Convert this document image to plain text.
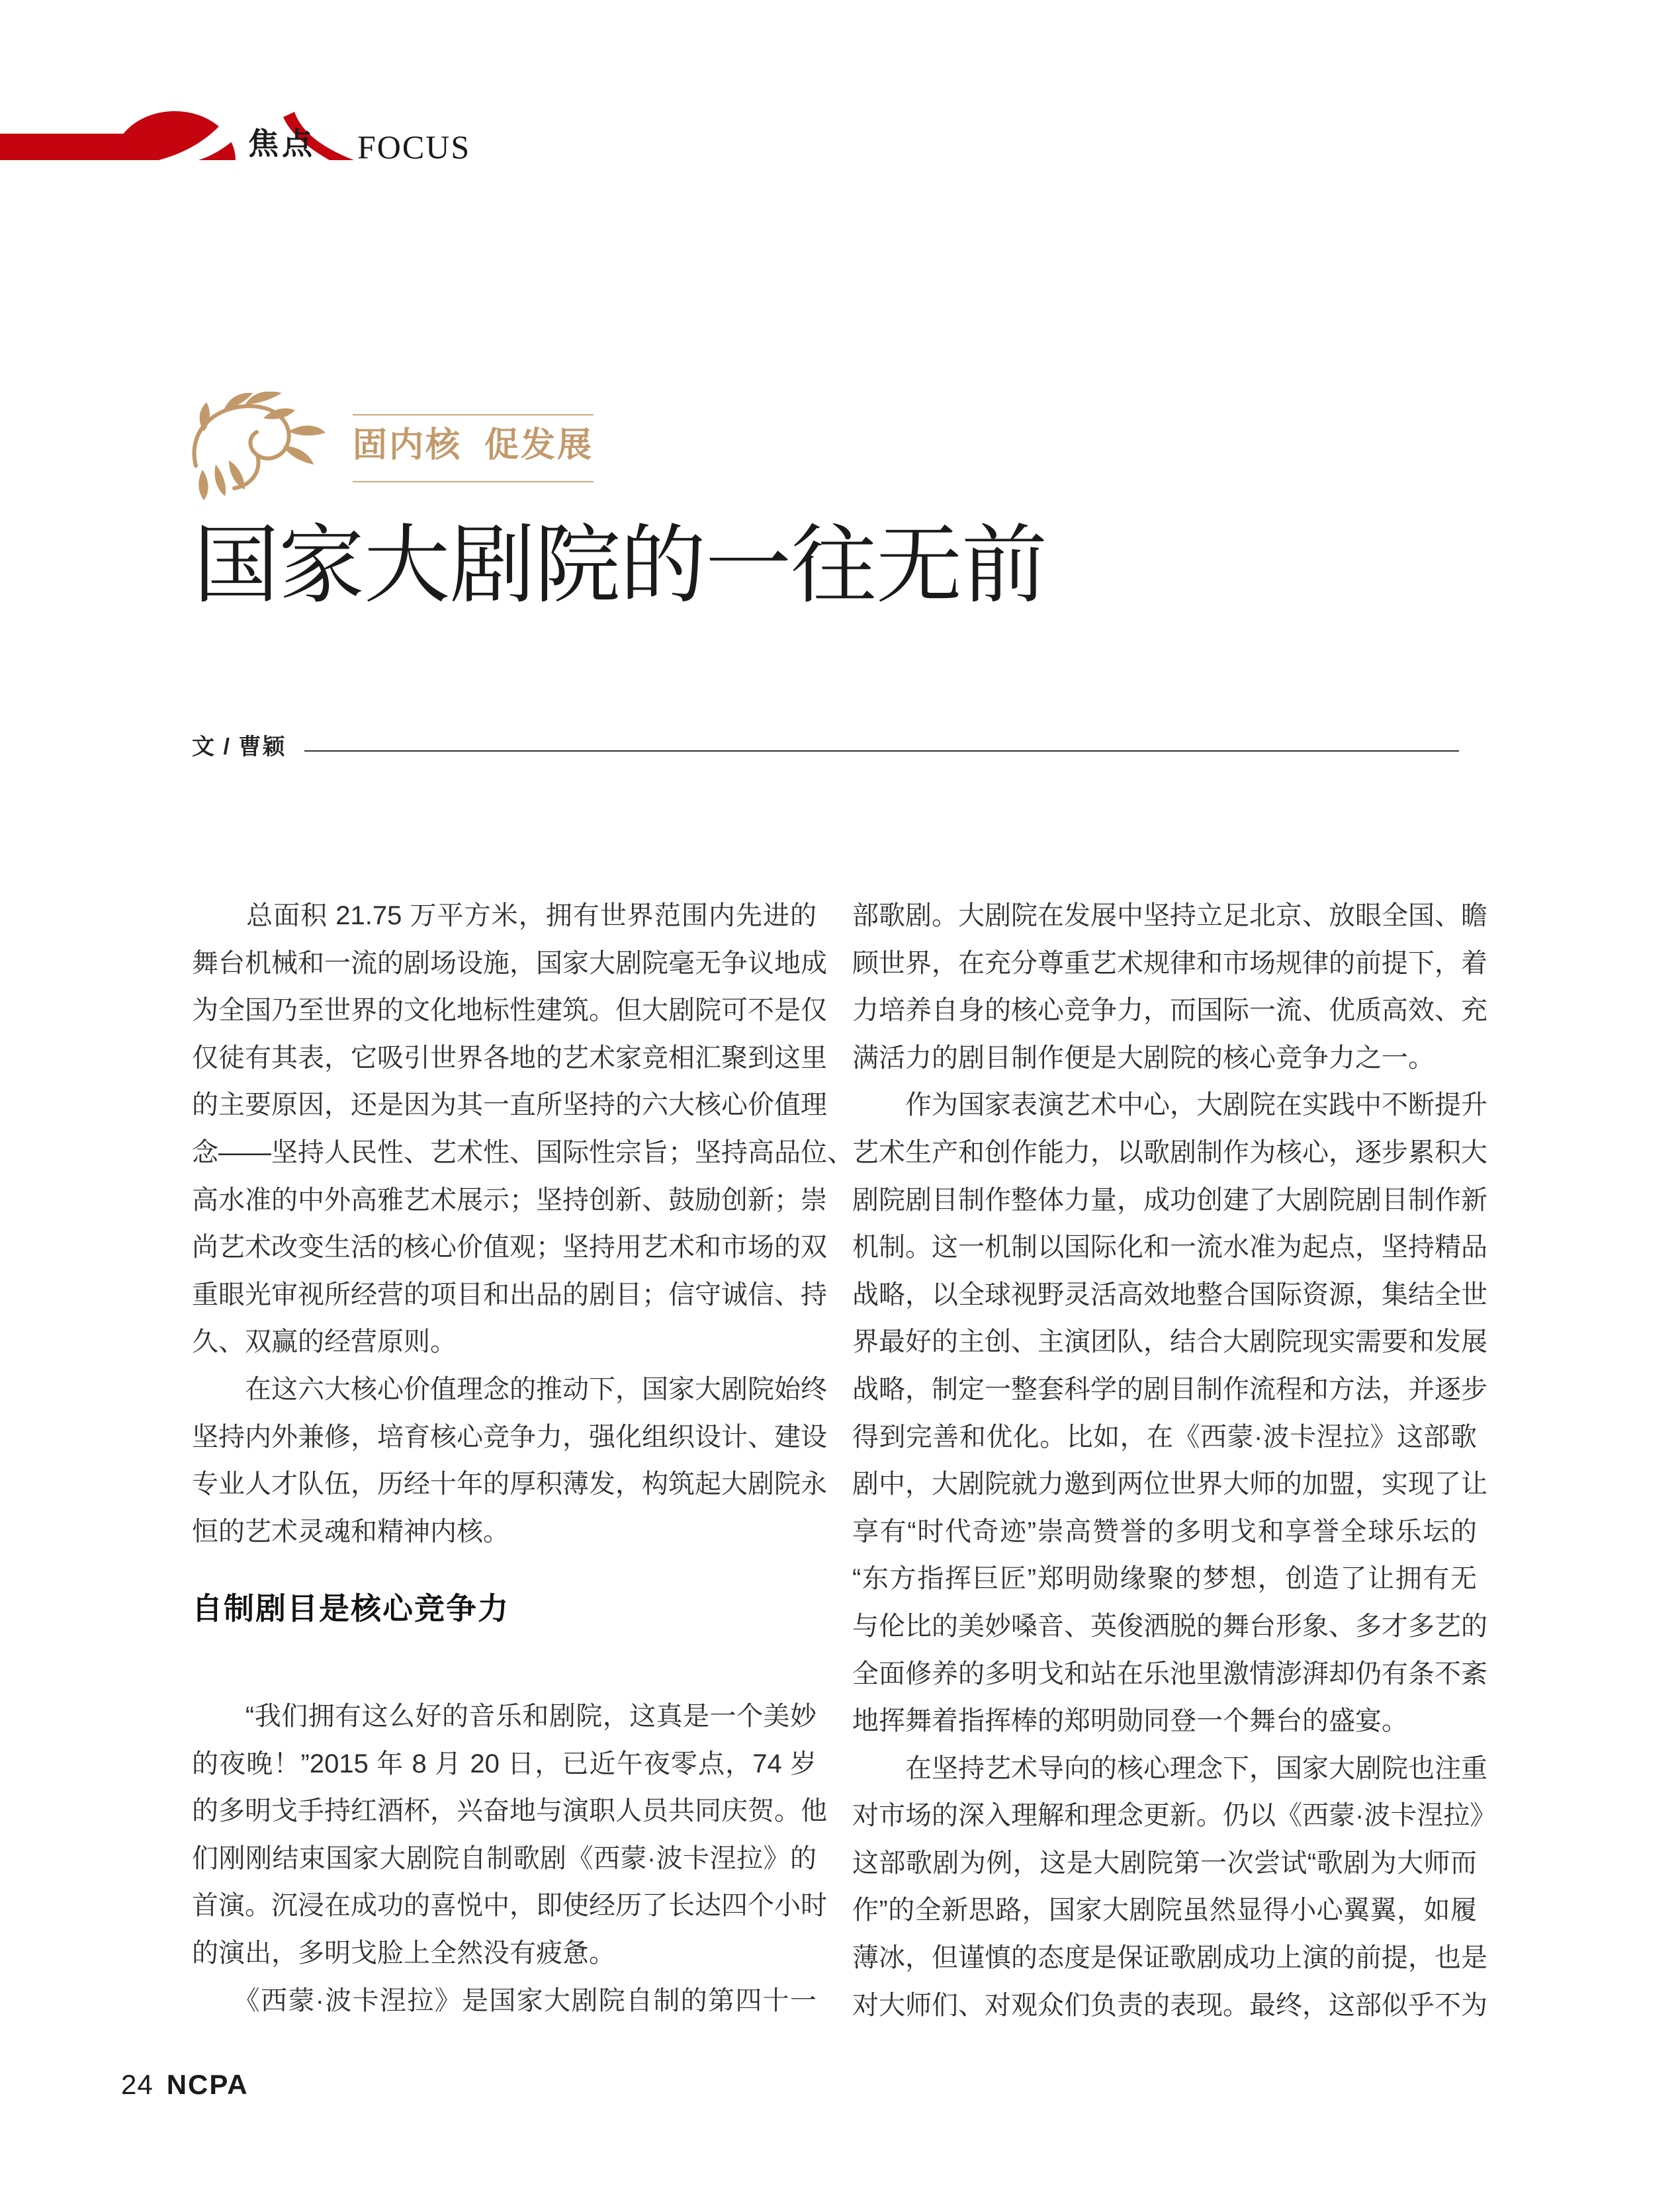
焦点 FOCUS
固内核 促发展
国家大剧院的一往无前
文 / 曹颖
　　总面积 21.75 万平方米，拥有世界范围内先进的
舞台机械和一流的剧场设施，国家大剧院毫无争议地成
为全国乃至世界的文化地标性建筑。但大剧院可不是仅
仅徒有其表，它吸引世界各地的艺术家竞相汇聚到这里
的主要原因，还是因为其一直所坚持的六大核心价值理
念——坚持人民性、艺术性、国际性宗旨；坚持高品位、
高水准的中外高雅艺术展示；坚持创新、鼓励创新；崇
尚艺术改变生活的核心价值观；坚持用艺术和市场的双
重眼光审视所经营的项目和出品的剧目；信守诚信、持
久、双赢的经营原则。
　　在这六大核心价值理念的推动下，国家大剧院始终
坚持内外兼修，培育核心竞争力，强化组织设计、建设
专业人才队伍，历经十年的厚积薄发，构筑起大剧院永
恒的艺术灵魂和精神内核。
自制剧目是核心竞争力
　　“我们拥有这么好的音乐和剧院，这真是一个美妙
的夜晚！”2015 年 8 月 20 日，已近午夜零点，74 岁
的多明戈手持红酒杯，兴奋地与演职人员共同庆贺。他
们刚刚结束国家大剧院自制歌剧《西蒙·波卡涅拉》的
首演。沉浸在成功的喜悦中，即使经历了长达四个小时
的演出，多明戈脸上全然没有疲惫。
　　《西蒙·波卡涅拉》是国家大剧院自制的第四十一
部歌剧。大剧院在发展中坚持立足北京、放眼全国、瞻
顾世界，在充分尊重艺术规律和市场规律的前提下，着
力培养自身的核心竞争力，而国际一流、优质高效、充
满活力的剧目制作便是大剧院的核心竞争力之一。
　　作为国家表演艺术中心，大剧院在实践中不断提升
艺术生产和创作能力，以歌剧制作为核心，逐步累积大
剧院剧目制作整体力量，成功创建了大剧院剧目制作新
机制。这一机制以国际化和一流水准为起点，坚持精品
战略，以全球视野灵活高效地整合国际资源，集结全世
界最好的主创、主演团队，结合大剧院现实需要和发展
战略，制定一整套科学的剧目制作流程和方法，并逐步
得到完善和优化。比如，在《西蒙·波卡涅拉》这部歌
剧中，大剧院就力邀到两位世界大师的加盟，实现了让
享有“时代奇迹”崇高赞誉的多明戈和享誉全球乐坛的
“东方指挥巨匠”郑明勋缘聚的梦想，创造了让拥有无
与伦比的美妙嗓音、英俊洒脱的舞台形象、多才多艺的
全面修养的多明戈和站在乐池里激情澎湃却仍有条不紊
地挥舞着指挥棒的郑明勋同登一个舞台的盛宴。
　　在坚持艺术导向的核心理念下，国家大剧院也注重
对市场的深入理解和理念更新。仍以《西蒙·波卡涅拉》
这部歌剧为例，这是大剧院第一次尝试“歌剧为大师而
作”的全新思路，国家大剧院虽然显得小心翼翼，如履
薄冰，但谨慎的态度是保证歌剧成功上演的前提，也是
对大师们、对观众们负责的表现。最终，这部似乎不为
24 NCPA
